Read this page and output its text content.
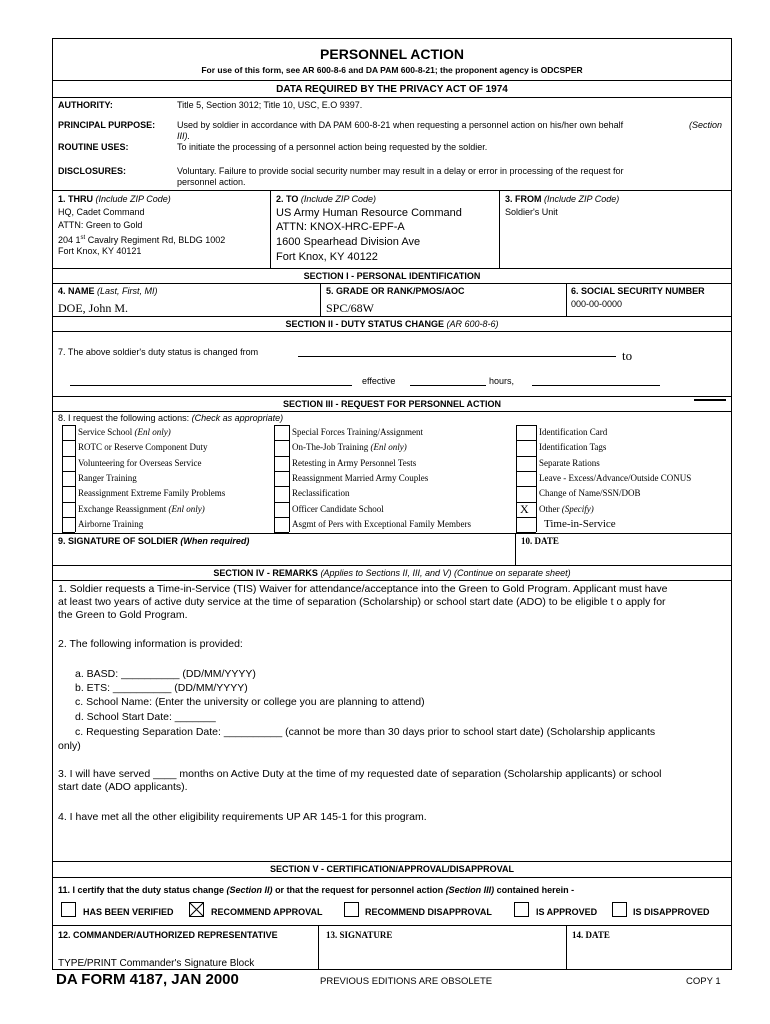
PERSONNEL ACTION
For use of this form, see AR 600-8-6 and DA PAM 600-8-21; the proponent agency is ODCSPER
DATA REQUIRED BY THE PRIVACY ACT OF 1974
AUTHORITY:	Title 5, Section 3012; Title 10, USC, E.O 9397.
PRINCIPAL PURPOSE: Used by soldier in accordance with DA PAM 600-8-21 when requesting a personnel action on his/her own behalf	(Section
III).
ROUTINE USES:	To initiate the processing of a personnel action being requested by the soldier.
DISCLOSURES:	Voluntary. Failure to provide social security number may result in a delay or error in processing of the request for
personnel action.
1. THRU (Include ZIP Code)
HQ, Cadet Command
ATTN: Green to Gold
204 1st Cavalry Regiment Rd, BLDG 1002
Fort Knox, KY 40121
2. TO (Include ZIP Code)
US Army Human Resource Command
ATTN: KNOX-HRC-EPF-A
1600 Spearhead Division Ave
Fort Knox, KY 40122
3. FROM (Include ZIP Code)
Soldier's Unit
SECTION I - PERSONAL IDENTIFICATION
4. NAME (Last, First, MI)
DOE, John M.
5. GRADE OR RANK/PMOS/AOC
SPC/68W
6. SOCIAL SECURITY NUMBER
000-00-0000
SECTION II - DUTY STATUS CHANGE (AR 600-8-6)
7. The above soldier's duty status is changed from	to
effective	hours,
SECTION III - REQUEST FOR PERSONNEL ACTION
8. I request the following actions: (Check as appropriate)
Service School (Enl only)
ROTC or Reserve Component Duty
Volunteering for Overseas Service
Ranger Training
Reassignment Extreme Family Problems
Exchange Reassignment (Enl only)
Airborne Training
Special Forces Training/Assignment
On-The-Job Training (Enl only)
Retesting in Army Personnel Tests
Reassignment Married Army Couples
Reclassification
Officer Candidate School
Asgmt of Pers with Exceptional Family Members
Identification Card
Identification Tags
Separate Rations
Leave - Excess/Advance/Outside CONUS
Change of Name/SSN/DOB
Other (Specify)
X
Time-in-Service
9. SIGNATURE OF SOLDIER (When required)	10. DATE
SECTION IV - REMARKS (Applies to Sections II, III, and V) (Continue on separate sheet)
1. Soldier requests a Time-in-Service (TIS) Waiver for attendance/acceptance into the Green to Gold Program. Applicant must have
at least two years of active duty service at the time of separation (Scholarship) or school start date (ADO) to be eligible t o apply for
the Green to Gold Program.
2. The following information is provided:
a. BASD: __________ (DD/MM/YYYY)
b. ETS: __________ (DD/MM/YYYY)
c. School Name: (Enter the university or college you are planning to attend)
d. School Start Date: _______
c. Requesting Separation Date: __________ (cannot be more than 30 days prior to school start date) (Scholarship applicants
only)
3. I will have served ____ months on Active Duty at the time of my requested date of separation (Scholarship applicants) or school
start date (ADO applicants).
4. I have met all the other eligibility requirements UP AR 145-1 for this program.
SECTION V - CERTIFICATION/APPROVAL/DISAPPROVAL
11. I certify that the duty status change (Section II) or that the request for personnel action (Section III) contained herein -
HAS BEEN VERIFIED	RECOMMEND APPROVAL	RECOMMEND DISAPPROVAL	IS APPROVED	IS DISAPPROVED
12. COMMANDER/AUTHORIZED REPRESENTATIVE	13. SIGNATURE	14. DATE
TYPE/PRINT Commander's Signature Block
DA FORM 4187, JAN 2000	PREVIOUS EDITIONS ARE OBSOLETE	COPY 1
